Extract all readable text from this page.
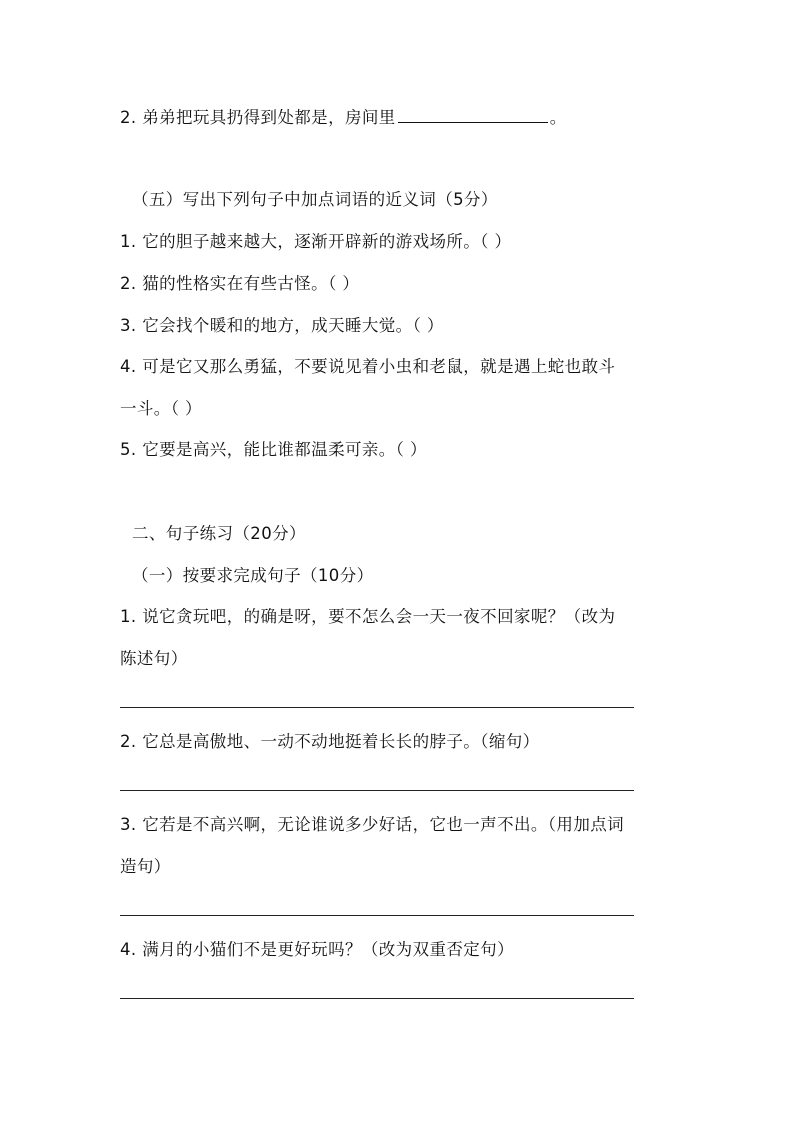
2. 弟弟把玩具扔得到处都是，房间里	。
（五）写出下列句子中加点词语的近义词（5分）
1. 它的胆子越来越大，逐渐开辟新的游戏场所。（ ）
2. 猫的性格实在有些古怪。（ ）
3. 它会找个暖和的地方，成天睡大觉。（ ）
4. 可是它又那么勇猛，不要说见着小虫和老鼠，就是遇上蛇也敢斗
一斗。（ ）
5. 它要是高兴，能比谁都温柔可亲。（ ）
二、句子练习（20分）
（一）按要求完成句子（10分）
1. 说它贪玩吧，的确是呀，要不怎么会一天一夜不回家呢？（改为
陈述句）
2. 它总是高傲地、一动不动地挺着长长的脖子。（缩句）
3. 它若是不高兴啊，无论谁说多少好话，它也一声不出。（用加点词
造句）
4. 满月的小猫们不是更好玩吗？（改为双重否定句）
